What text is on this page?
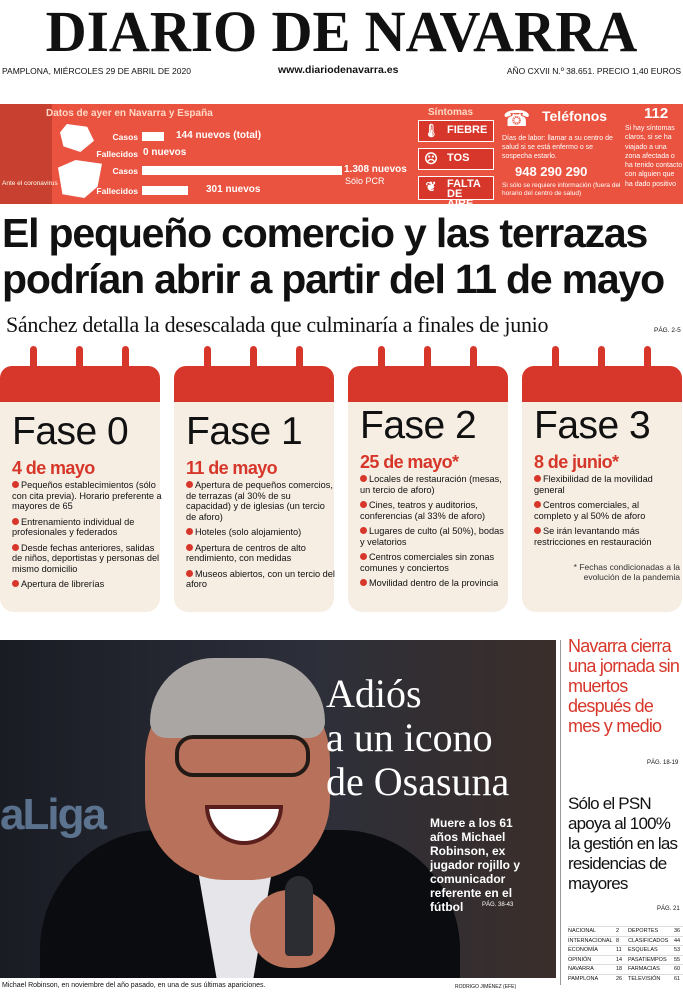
DIARIO DE NAVARRA
PAMPLONA, MIÉRCOLES 29 DE ABRIL DE 2020	www.diariodenavarra.es	AÑO CXVII N.º 38.651. PRECIO 1,40 EUROS
Ante el coronavirus
Datos de ayer en Navarra y España
Casos	144 nuevos (total)
Fallecidos 0 nuevos
Casos	1.308 nuevos
Sólo PCR
Fallecidos	301 nuevos
Síntomas
🌡 FIEBRE
☹ TOS
❦ FALTA DE AIRE
☎ Teléfonos
Días de labor: llamar a su centro de salud si se está enfermo o se sospecha estarlo.
948 290 290
Si sólo se requiere información (fuera del horario del centro de salud)
112
Si hay síntomas claros, si se ha viajado a una zona afectada o ha tenido contacto con alguien que ha dado positivo
El pequeño comercio y las terrazas
podrían abrir a partir del 11 de mayo
Sánchez detalla la desescalada que culminaría a finales de junio	PÁG. 2-5
Fase 0
4 de mayo
Pequeños establecimientos (sólo con cita previa). Horario preferente a mayores de 65
Entrenamiento individual de profesionales y federados
Desde fechas anteriores, salidas de niños, deportistas y personas del mismo domicilio
Apertura de librerías
Fase 1
11 de mayo
Apertura de pequeños comercios, de terrazas (al 30% de su capacidad) y de iglesias (un tercio de aforo)
Hoteles (solo alojamiento)
Apertura de centros de alto rendimiento, con medidas
Museos abiertos, con un tercio del aforo
Fase 2
25 de mayo*
Locales de restauración (mesas, un tercio de aforo)
Cines, teatros y auditorios, conferencias (al 33% de aforo)
Lugares de culto (al 50%), bodas y velatorios
Centros comerciales sin zonas comunes y conciertos
Movilidad dentro de la provincia
Fase 3
8 de junio*
Flexibilidad de la movilidad general
Centros comerciales, al completo y al 50% de aforo
Se irán levantando más restricciones en restauración
* Fechas condicionadas a la evolución de la pandemia
aLiga
Adiós
a un icono
de Osasuna
Muere a los 61 años Michael Robinson, ex jugador rojillo y comunicador referente en el fútbol	PÁG. 38-43
Michael Robinson, en noviembre del año pasado, en una de sus últimas apariciones.	RODRIGO JIMÉNEZ (EFE)
Navarra cierra una jornada sin muertos después de mes y medio
PÁG. 18-19
Sólo el PSN apoya al 100% la gestión en las residencias de mayores
PÁG. 21
NACIONAL	2 DEPORTES	36
INTERNACIONAL 8 CLASIFICADOS 44
ECONOMÍA	11 ESQUELAS	53
OPINIÓN	14 PASATIEMPOS 55
NAVARRA	18 FARMACIAS	60
PAMPLONA	26 TELEVISIÓN 61
